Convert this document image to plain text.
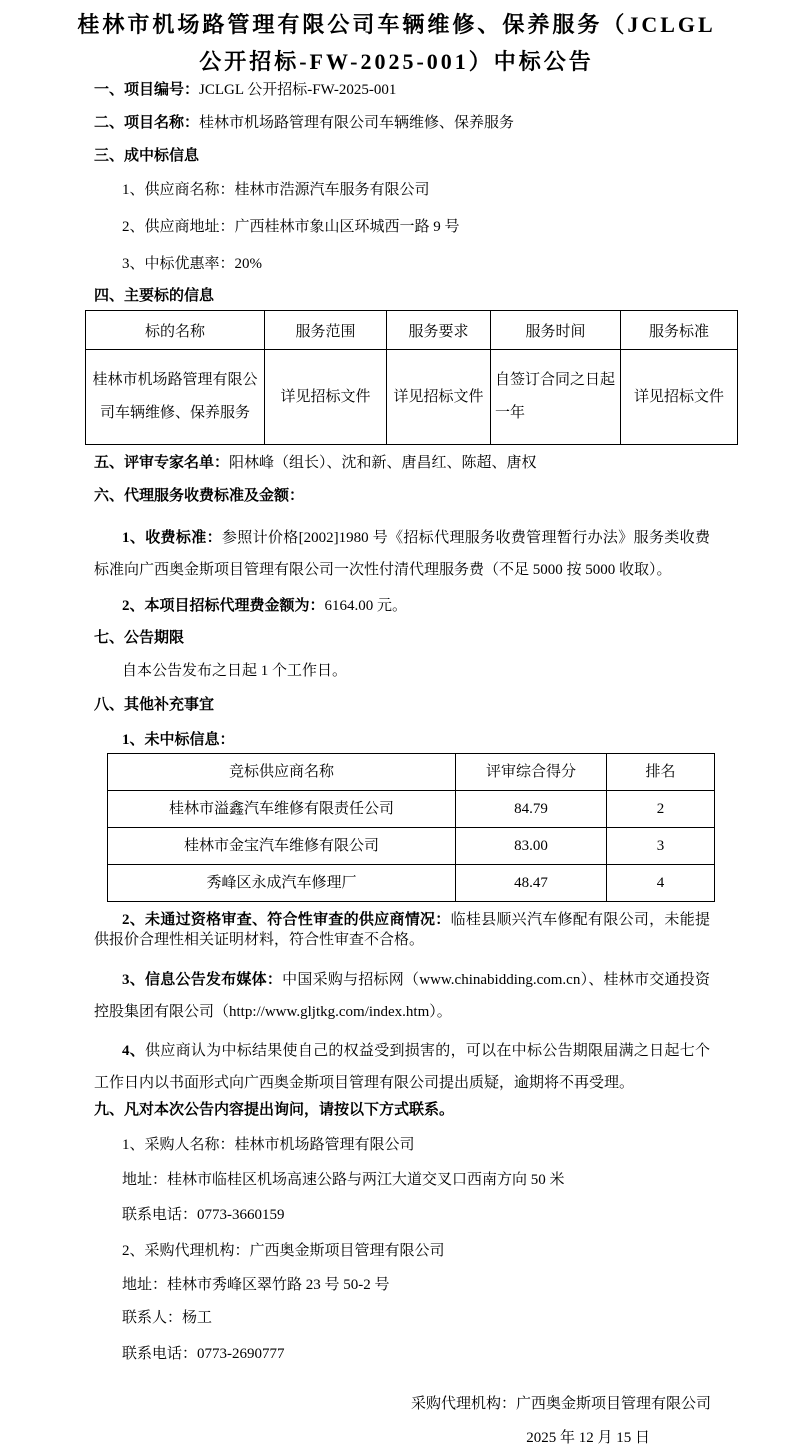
桂林市机场路管理有限公司车辆维修、保养服务（JCLGL
公开招标-FW-2025-001）中标公告
一、项目编号：JCLGL 公开招标-FW-2025-001
二、项目名称：桂林市机场路管理有限公司车辆维修、保养服务
三、成中标信息
1、供应商名称：桂林市浩源汽车服务有限公司
2、供应商地址：广西桂林市象山区环城西一路 9 号
3、中标优惠率：20%
四、主要标的信息
标的名称	服务范围	服务要求	服务时间	服务标准
桂林市机场路管理有限公司车辆维修、保养服务	详见招标文件	详见招标文件	自签订合同之日起一年	详见招标文件
五、评审专家名单：阳林峰（组长）、沈和新、唐昌红、陈超、唐权
六、代理服务收费标准及金额：

1、收费标准：参照计价格[2002]1980 号《招标代理服务收费管理暂行办法》服务类收费标准向广西奥金斯项目管理有限公司一次性付清代理服务费（不足 5000 按 5000 收取）。

2、本项目招标代理费金额为：6164.00 元。
七、公告期限
自本公告发布之日起 1 个工作日。
八、其他补充事宜
1、未中标信息：
竞标供应商名称	评审综合得分	排名
桂林市溢鑫汽车维修有限责任公司	84.79	2
桂林市金宝汽车维修有限公司	83.00	3
秀峰区永成汽车修理厂	48.47	4

2、未通过资格审查、符合性审查的供应商情况：临桂县顺兴汽车修配有限公司，未能提供报价合理性相关证明材料，符合性审查不合格。

3、信息公告发布媒体：中国采购与招标网（www.chinabidding.com.cn）、桂林市交通投资控股集团有限公司（http://www.gljtkg.com/index.htm）。

4、供应商认为中标结果使自己的权益受到损害的，可以在中标公告期限届满之日起七个工作日内以书面形式向广西奥金斯项目管理有限公司提出质疑，逾期将不再受理。

九、凡对本次公告内容提出询问，请按以下方式联系。
1、采购人名称：桂林市机场路管理有限公司
地址：桂林市临桂区机场高速公路与两江大道交叉口西南方向 50 米
联系电话：0773-3660159
2、采购代理机构：广西奥金斯项目管理有限公司
地址：桂林市秀峰区翠竹路 23 号 50-2 号
联系人：杨工
联系电话：0773-2690777
采购代理机构：广西奥金斯项目管理有限公司
2025 年 12 月 15 日
